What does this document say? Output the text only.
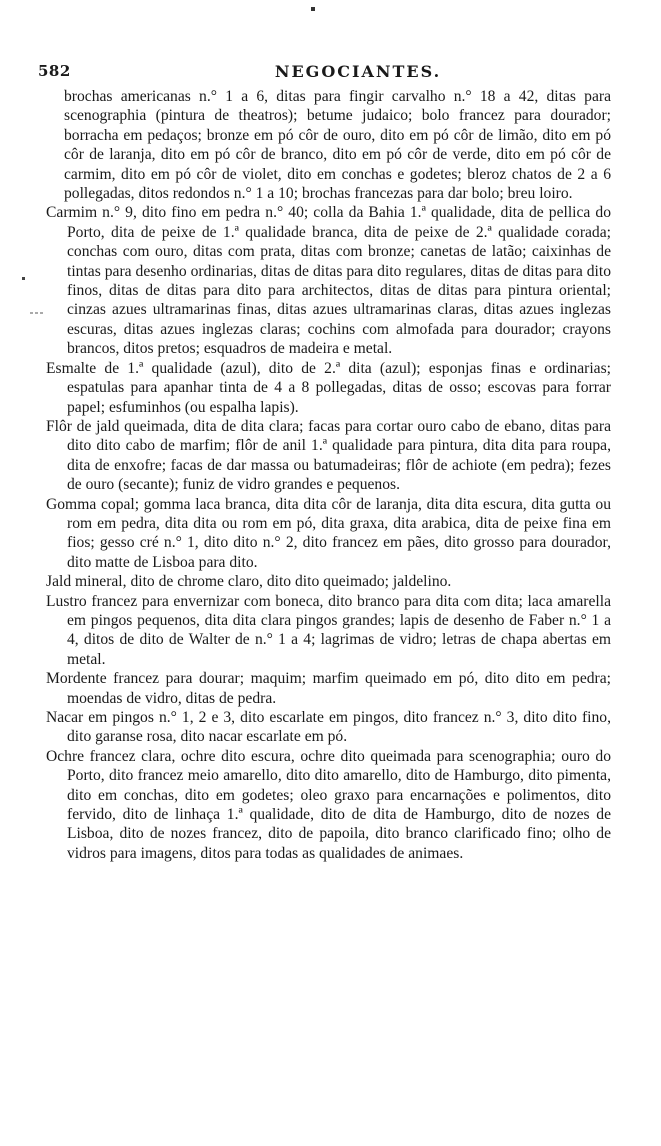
582	NEGOCIANTES.

brochas americanas n.° 1 a 6, ditas para fingir carvalho n.° 18 a 42, ditas para scenographia (pintura de theatros); betume judaico; bolo francez para dourador; borracha em pedaços; bronze em pó côr de ouro, dito em pó côr de limão, dito em pó côr de laranja, dito em pó côr de branco, dito em pó côr de verde, dito em pó côr de carmim, dito em pó côr de violet, dito em conchas e godetes; bleroz chatos de 2 a 6 pollegadas, ditos redondos n.° 1 a 10; brochas francezas para dar bolo; breu loiro.

Carmim n.° 9, dito fino em pedra n.° 40; colla da Bahia 1.ª qualidade, dita de pellica do Porto, dita de peixe de 1.ª qualidade branca, dita de peixe de 2.ª qualidade corada; conchas com ouro, ditas com prata, ditas com bronze; canetas de latão; caixinhas de tintas para desenho ordinarias, ditas de ditas para dito regulares, ditas de ditas para dito finos, ditas de ditas para dito para architectos, ditas de ditas para pintura oriental; cinzas azues ultramarinas finas, ditas azues ultramarinas claras, ditas azues inglezas escuras, ditas azues inglezas claras; cochins com almofada para dourador; crayons brancos, ditos pretos; esquadros de madeira e metal.

Esmalte de 1.ª qualidade (azul), dito de 2.ª dita (azul); esponjas finas e ordinarias; espatulas para apanhar tinta de 4 a 8 pollegadas, ditas de osso; escovas para forrar papel; esfuminhos (ou espalha lapis).

Flôr de jald queimada, dita de dita clara; facas para cortar ouro cabo de ebano, ditas para dito dito cabo de marfim; flôr de anil 1.ª qualidade para pintura, dita dita para roupa, dita de enxofre; facas de dar massa ou batumadeiras; flôr de achiote (em pedra); fezes de ouro (secante); funiz de vidro grandes e pequenos.

Gomma copal; gomma laca branca, dita dita côr de laranja, dita dita escura, dita gutta ou rom em pedra, dita dita ou rom em pó, dita graxa, dita arabica, dita de peixe fina em fios; gesso cré n.° 1, dito dito n.° 2, dito francez em pães, dito grosso para dourador, dito matte de Lisboa para dito.

Jald mineral, dito de chrome claro, dito dito queimado; jaldelino.

Lustro francez para envernizar com boneca, dito branco para dita com dita; laca amarella em pingos pequenos, dita dita clara pingos grandes; lapis de desenho de Faber n.° 1 a 4, ditos de dito de Walter de n.° 1 a 4; lagrimas de vidro; letras de chapa abertas em metal.

Mordente francez para dourar; maquim; marfim queimado em pó, dito dito em pedra; moendas de vidro, ditas de pedra.

Nacar em pingos n.° 1, 2 e 3, dito escarlate em pingos, dito francez n.° 3, dito dito fino, dito garanse rosa, dito nacar escarlate em pó.

Ochre francez clara, ochre dito escura, ochre dito queimada para scenographia; ouro do Porto, dito francez meio amarello, dito dito amarello, dito de Hamburgo, dito pimenta, dito em conchas, dito em godetes; oleo graxo para encarnações e polimentos, dito fervido, dito de linhaça 1.ª qualidade, dito de dita de Hamburgo, dito de nozes de Lisboa, dito de nozes francez, dito de papoila, dito branco clarificado fino; olho de vidros para imagens, ditos para todas as qualidades de animaes.
